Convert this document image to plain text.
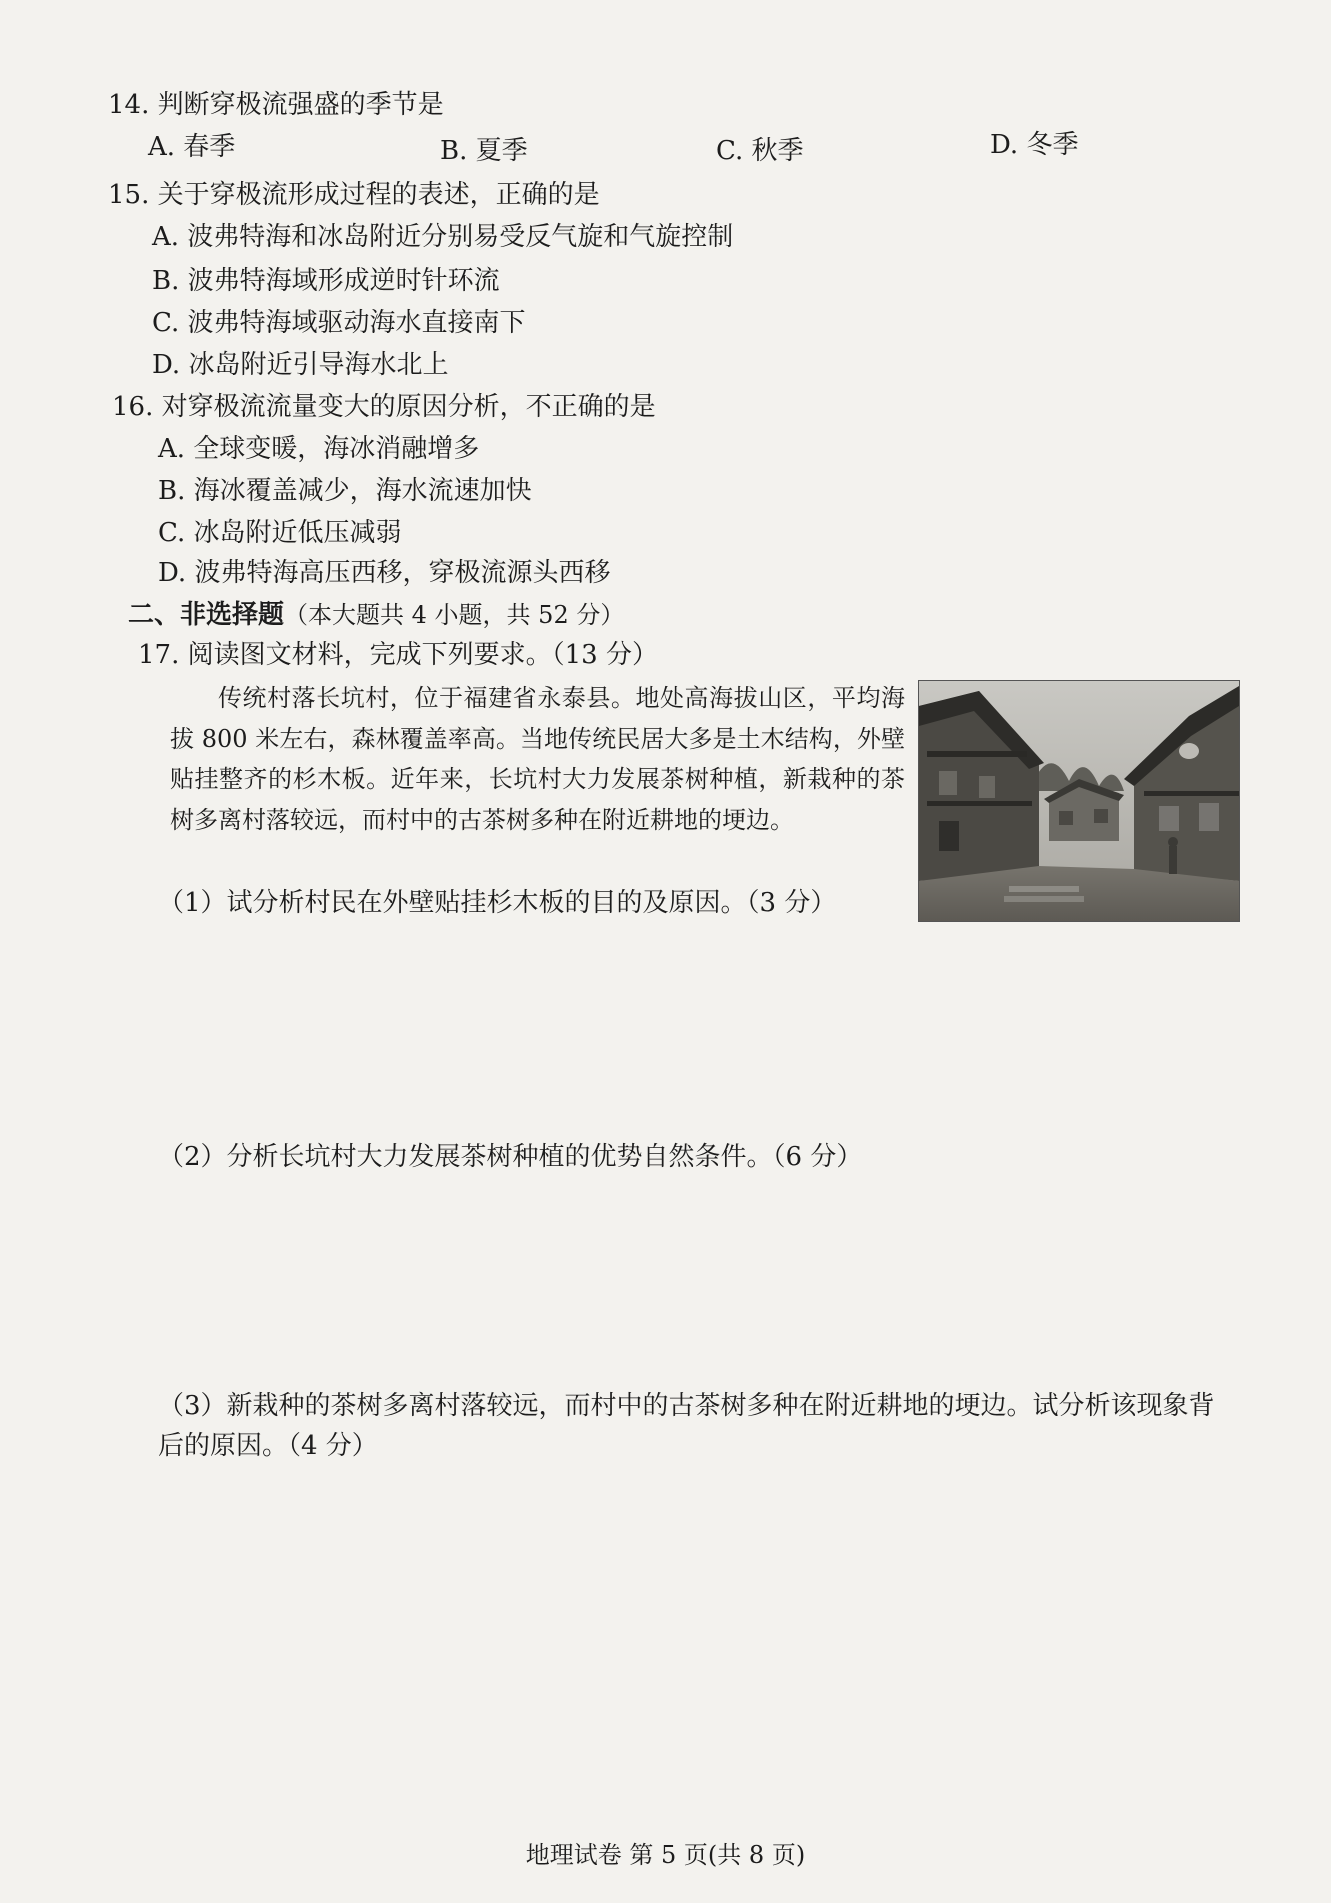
14. 判断穿极流强盛的季节是
A. 春季	B. 夏季	C. 秋季	D. 冬季
15. 关于穿极流形成过程的表述，正确的是
A. 波弗特海和冰岛附近分别易受反气旋和气旋控制
B. 波弗特海域形成逆时针环流
C. 波弗特海域驱动海水直接南下
D. 冰岛附近引导海水北上
16. 对穿极流流量变大的原因分析，不正确的是
A. 全球变暖，海冰消融增多
B. 海冰覆盖减少，海水流速加快
C. 冰岛附近低压减弱
D. 波弗特海高压西移，穿极流源头西移
二、非选择题（本大题共 4 小题，共 52 分）
17. 阅读图文材料，完成下列要求。（13 分）
传统村落长坑村，位于福建省永泰县。地处高海拔山区，平均海拔 800 米左右，森林覆盖率高。当地传统民居大多是土木结构，外壁贴挂整齐的杉木板。近年来，长坑村大力发展茶树种植，新栽种的茶树多离村落较远，而村中的古茶树多种在附近耕地的埂边。
（1）试分析村民在外壁贴挂杉木板的目的及原因。（3 分）
（2）分析长坑村大力发展茶树种植的优势自然条件。（6 分）
（3）新栽种的茶树多离村落较远，而村中的古茶树多种在附近耕地的埂边。试分析该现象背后的原因。（4 分）
地理试卷 第 5 页(共 8 页)
